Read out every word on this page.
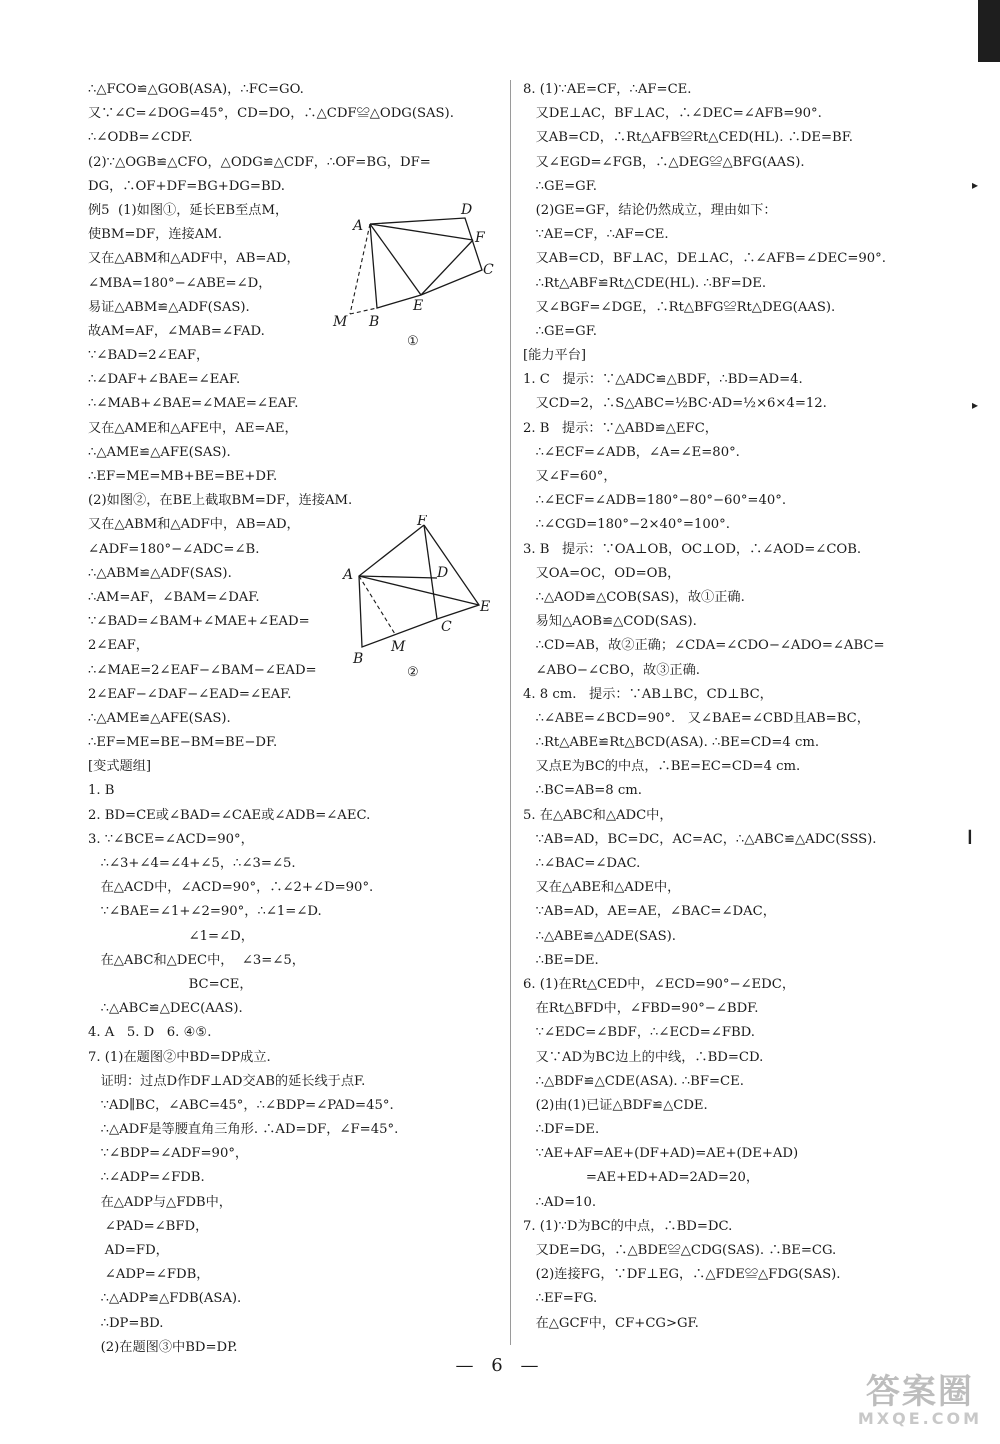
▸
▸
▎
∴△FCO≌△GOB(ASA)，∴FC=GO.
又∵∠C=∠DOG=45°，CD=DO，∴△CDF≌△ODG(SAS).
∴∠ODB=∠CDF.
(2)∵△OGB≌△CFO，△ODG≌△CDF，∴OF=BG，DF=
DG，∴OF+DF=BG+DG=BD.
例5  (1)如图①，延长EB至点M，
使BM=DF，连接AM.
又在△ABM和△ADF中，AB=AD，
∠MBA=180°−∠ABE=∠D，
易证△ABM≌△ADF(SAS).
故AM=AF，∠MAB=∠FAD.
∵∠BAD=2∠EAF，
∴∠DAF+∠BAE=∠EAF.
∴∠MAB+∠BAE=∠MAE=∠EAF.
又在△AME和△AFE中，AE=AE，
∴△AME≌△AFE(SAS).
∴EF=ME=MB+BE=BE+DF.
(2)如图②，在BE上截取BM=DF，连接AM.
又在△ABM和△ADF中，AB=AD，
∠ADF=180°−∠ADC=∠B.
∴△ABM≌△ADF(SAS).
∴AM=AF，∠BAM=∠DAF.
∵∠BAD=∠BAM+∠MAE+∠EAD=
2∠EAF，
∴∠MAE=2∠EAF−∠BAM−∠EAD=
2∠EAF−∠DAF−∠EAD=∠EAF.
∴△AME≌△AFE(SAS).
∴EF=ME=BE−BM=BE−DF.
[变式题组]
1. B
2. BD=CE或∠BAD=∠CAE或∠ADB=∠AEC.
3. ∵∠BCE=∠ACD=90°，
∴∠3+∠4=∠4+∠5，∴∠3=∠5.
在△ACD中，∠ACD=90°，∴∠2+∠D=90°.
∵∠BAE=∠1+∠2=90°，∴∠1=∠D.
∠1=∠D，
在△ABC和△DEC中，  ∠3=∠5，
BC=CE，
∴△ABC≌△DEC(AAS).
4. A   5. D   6. ④⑤.
7. (1)在题图②中BD=DP成立.
证明：过点D作DF⊥AD交AB的延长线于点F.
∵AD∥BC，∠ABC=45°，∴∠BDP=∠PAD=45°.
∴△ADF是等腰直角三角形. ∴AD=DF，∠F=45°.
∵∠BDP=∠ADF=90°，
∴∠ADP=∠FDB.
在△ADP与△FDB中，
∠PAD=∠BFD，
AD=FD，
∠ADP=∠FDB，
∴△ADP≌△FDB(ASA).
∴DP=BD.
(2)在题图③中BD=DP.
8. (1)∵AE=CF，∴AF=CE.
又DE⊥AC，BF⊥AC，∴∠DEC=∠AFB=90°.
又AB=CD，∴Rt△AFB≌Rt△CED(HL). ∴DE=BF.
又∠EGD=∠FGB，∴△DEG≌△BFG(AAS).
∴GE=GF.
(2)GE=GF，结论仍然成立，理由如下：
∵AE=CF，∴AF=CE.
又AB=CD，BF⊥AC，DE⊥AC，∴∠AFB=∠DEC=90°.
∴Rt△ABF≌Rt△CDE(HL). ∴BF=DE.
又∠BGF=∠DGE，∴Rt△BFG≌Rt△DEG(AAS).
∴GE=GF.
[能力平台]
1. C   提示：∵△ADC≌△BDF，∴BD=AD=4.
又CD=2，∴S△ABC=½BC·AD=½×6×4=12.
2. B   提示：∵△ABD≌△EFC，
∴∠ECF=∠ADB，∠A=∠E=80°.
又∠F=60°，
∴∠ECF=∠ADB=180°−80°−60°=40°.
∴∠CGD=180°−2×40°=100°.
3. B   提示：∵OA⊥OB，OC⊥OD，∴∠AOD=∠COB.
又OA=OC，OD=OB，
∴△AOD≌△COB(SAS)，故①正确.
易知△AOB≌△COD(SAS).
∴CD=AB，故②正确；∠CDA=∠CDO−∠ADO=∠ABC=
∠ABO−∠CBO，故③正确.
4. 8 cm.   提示：∵AB⊥BC，CD⊥BC，
∴∠ABE=∠BCD=90°.   又∠BAE=∠CBD且AB=BC，
∴Rt△ABE≌Rt△BCD(ASA). ∴BE=CD=4 cm.
又点E为BC的中点，∴BE=EC=CD=4 cm.
∴BC=AB=8 cm.
5. 在△ABC和△ADC中，
∵AB=AD，BC=DC，AC=AC，∴△ABC≌△ADC(SSS).
∴∠BAC=∠DAC.
又在△ABE和△ADE中，
∵AB=AD，AE=AE，∠BAC=∠DAC，
∴△ABE≌△ADE(SAS).
∴BE=DE.
6. (1)在Rt△CED中，∠ECD=90°−∠EDC，
在Rt△BFD中，∠FBD=90°−∠BDF.
∵∠EDC=∠BDF，∴∠ECD=∠FBD.
又∵AD为BC边上的中线，∴BD=CD.
∴△BDF≌△CDE(ASA). ∴BF=CE.
(2)由(1)已证△BDF≌△CDE.
∴DF=DE.
∵AE+AF=AE+(DF+AD)=AE+(DE+AD)
=AE+ED+AD=2AD=20，
∴AD=10.
7. (1)∵D为BC的中点，∴BD=DC.
又DE=DG，∴△BDE≌△CDG(SAS). ∴BE=CG.
(2)连接FG，∵DF⊥EG，∴△FDE≌△FDG(SAS).
∴EF=FG.
在△GCF中，CF+CG>GF.
A
D
F
C
E
M B
①
F
A	D
E
C
M
B
②
— 6 —
答案圈
MXQE.COM
